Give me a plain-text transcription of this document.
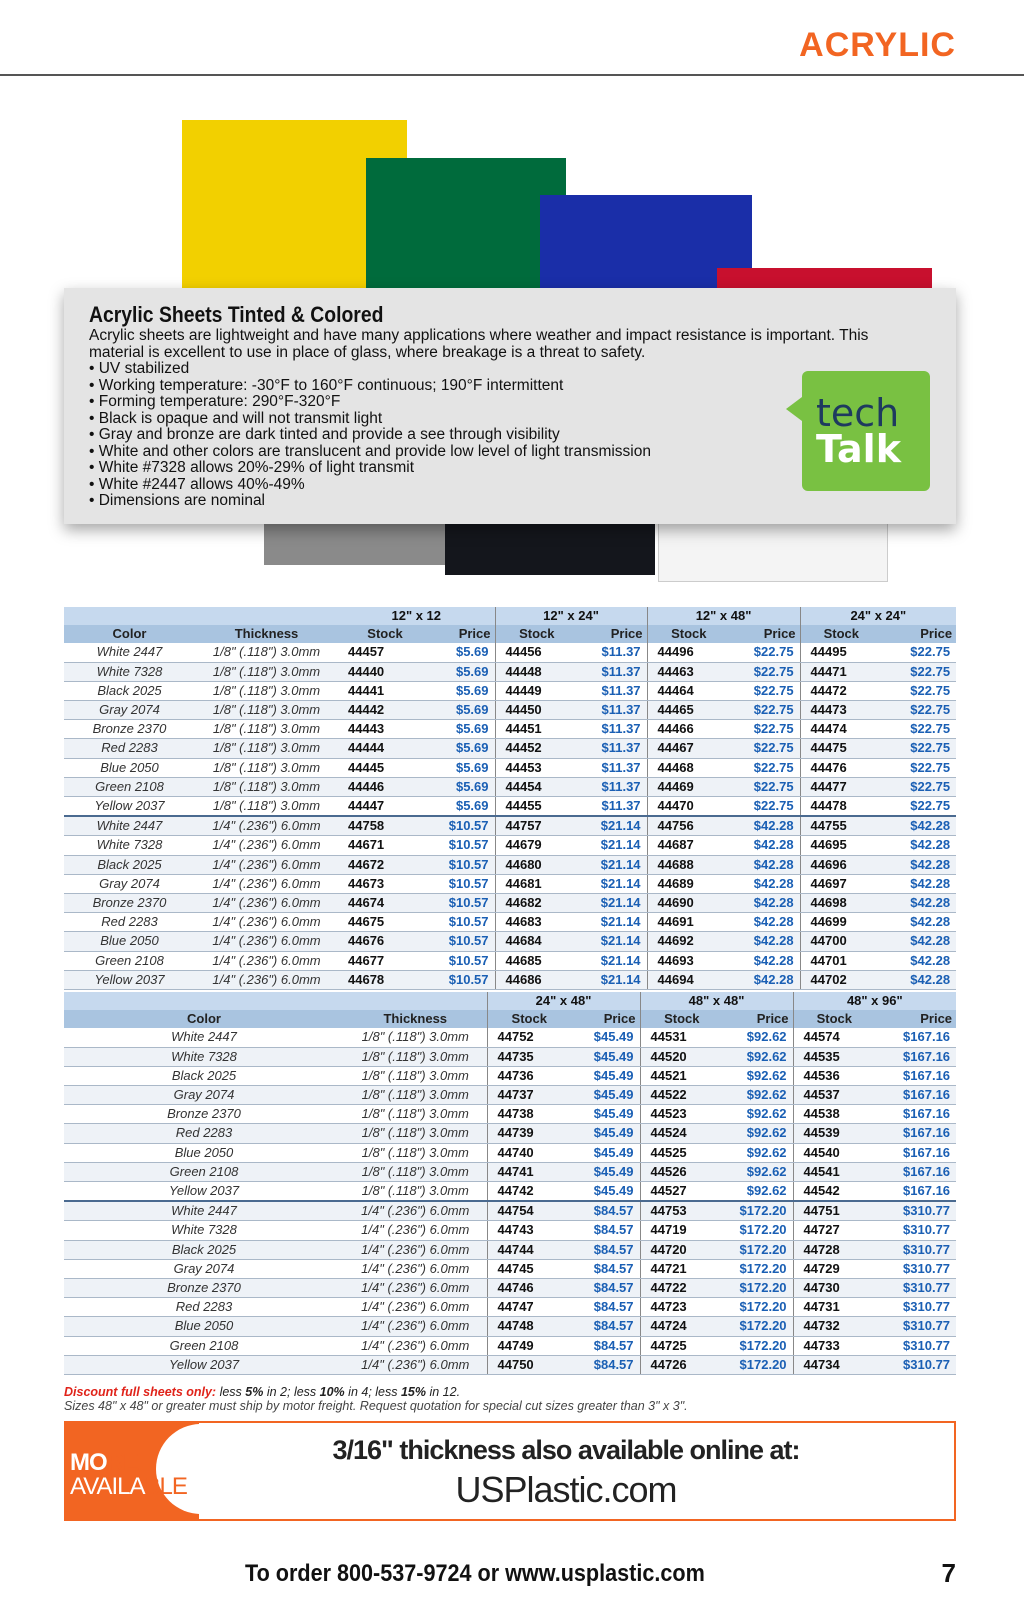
ACRYLIC
Acrylic Sheets Tinted & Colored
Acrylic sheets are lightweight and have many applications where weather and impact resistance is important. This material is excellent to use in place of glass, where breakage is a threat to safety.
• UV stabilized
• Working temperature: -30°F to 160°F continuous; 190°F intermittent
• Forming temperature: 290°F-320°F
• Black is opaque and will not transmit light
• Gray and bronze are dark tinted and provide a see through visibility
• White and other colors are translucent and provide low level of light transmission
• White #7328 allows 20%-29% of light transmit
• White #2447 allows 40%-49%
• Dimensions are nominal
tech
Talk
		12" x 12		12" x 24"		12" x 48"		24" x 24"	
Color	Thickness	Stock	Price	Stock	Price	Stock	Price	Stock	Price
White 2447	1/8" (.118") 3.0mm	44457	$5.69	44456	$11.37	44496	$22.75	44495	$22.75
White 7328	1/8" (.118") 3.0mm	44440	$5.69	44448	$11.37	44463	$22.75	44471	$22.75
Black 2025	1/8" (.118") 3.0mm	44441	$5.69	44449	$11.37	44464	$22.75	44472	$22.75
Gray 2074	1/8" (.118") 3.0mm	44442	$5.69	44450	$11.37	44465	$22.75	44473	$22.75
Bronze 2370	1/8" (.118") 3.0mm	44443	$5.69	44451	$11.37	44466	$22.75	44474	$22.75
Red 2283	1/8" (.118") 3.0mm	44444	$5.69	44452	$11.37	44467	$22.75	44475	$22.75
Blue 2050	1/8" (.118") 3.0mm	44445	$5.69	44453	$11.37	44468	$22.75	44476	$22.75
Green 2108	1/8" (.118") 3.0mm	44446	$5.69	44454	$11.37	44469	$22.75	44477	$22.75
Yellow 2037	1/8" (.118") 3.0mm	44447	$5.69	44455	$11.37	44470	$22.75	44478	$22.75
White 2447	1/4" (.236") 6.0mm	44758	$10.57	44757	$21.14	44756	$42.28	44755	$42.28
White 7328	1/4" (.236") 6.0mm	44671	$10.57	44679	$21.14	44687	$42.28	44695	$42.28
Black 2025	1/4" (.236") 6.0mm	44672	$10.57	44680	$21.14	44688	$42.28	44696	$42.28
Gray 2074	1/4" (.236") 6.0mm	44673	$10.57	44681	$21.14	44689	$42.28	44697	$42.28
Bronze 2370	1/4" (.236") 6.0mm	44674	$10.57	44682	$21.14	44690	$42.28	44698	$42.28
Red 2283	1/4" (.236") 6.0mm	44675	$10.57	44683	$21.14	44691	$42.28	44699	$42.28
Blue 2050	1/4" (.236") 6.0mm	44676	$10.57	44684	$21.14	44692	$42.28	44700	$42.28
Green 2108	1/4" (.236") 6.0mm	44677	$10.57	44685	$21.14	44693	$42.28	44701	$42.28
Yellow 2037	1/4" (.236") 6.0mm	44678	$10.57	44686	$21.14	44694	$42.28	44702	$42.28
		24" x 48"		48" x 48"		48" x 96"	
Color	Thickness	Stock	Price	Stock	Price	Stock	Price
White 2447	1/8" (.118") 3.0mm	44752	$45.49	44531	$92.62	44574	$167.16
White 7328	1/8" (.118") 3.0mm	44735	$45.49	44520	$92.62	44535	$167.16
Black 2025	1/8" (.118") 3.0mm	44736	$45.49	44521	$92.62	44536	$167.16
Gray 2074	1/8" (.118") 3.0mm	44737	$45.49	44522	$92.62	44537	$167.16
Bronze 2370	1/8" (.118") 3.0mm	44738	$45.49	44523	$92.62	44538	$167.16
Red 2283	1/8" (.118") 3.0mm	44739	$45.49	44524	$92.62	44539	$167.16
Blue 2050	1/8" (.118") 3.0mm	44740	$45.49	44525	$92.62	44540	$167.16
Green 2108	1/8" (.118") 3.0mm	44741	$45.49	44526	$92.62	44541	$167.16
Yellow 2037	1/8" (.118") 3.0mm	44742	$45.49	44527	$92.62	44542	$167.16
White 2447	1/4" (.236") 6.0mm	44754	$84.57	44753	$172.20	44751	$310.77
White 7328	1/4" (.236") 6.0mm	44743	$84.57	44719	$172.20	44727	$310.77
Black 2025	1/4" (.236") 6.0mm	44744	$84.57	44720	$172.20	44728	$310.77
Gray 2074	1/4" (.236") 6.0mm	44745	$84.57	44721	$172.20	44729	$310.77
Bronze 2370	1/4" (.236") 6.0mm	44746	$84.57	44722	$172.20	44730	$310.77
Red 2283	1/4" (.236") 6.0mm	44747	$84.57	44723	$172.20	44731	$310.77
Blue 2050	1/4" (.236") 6.0mm	44748	$84.57	44724	$172.20	44732	$310.77
Green 2108	1/4" (.236") 6.0mm	44749	$84.57	44725	$172.20	44733	$310.77
Yellow 2037	1/4" (.236") 6.0mm	44750	$84.57	44726	$172.20	44734	$310.77
Discount full sheets only: less 5% in 2; less 10% in 4; less 15% in 12.
Sizes 48" x 48" or greater must ship by motor freight. Request quotation for special cut sizes greater than 3" x 3".
MORE
AVAILABLE
3/16" thickness also available online at:
USPlastic.com
To order 800-537-9724 or www.usplastic.com	7
